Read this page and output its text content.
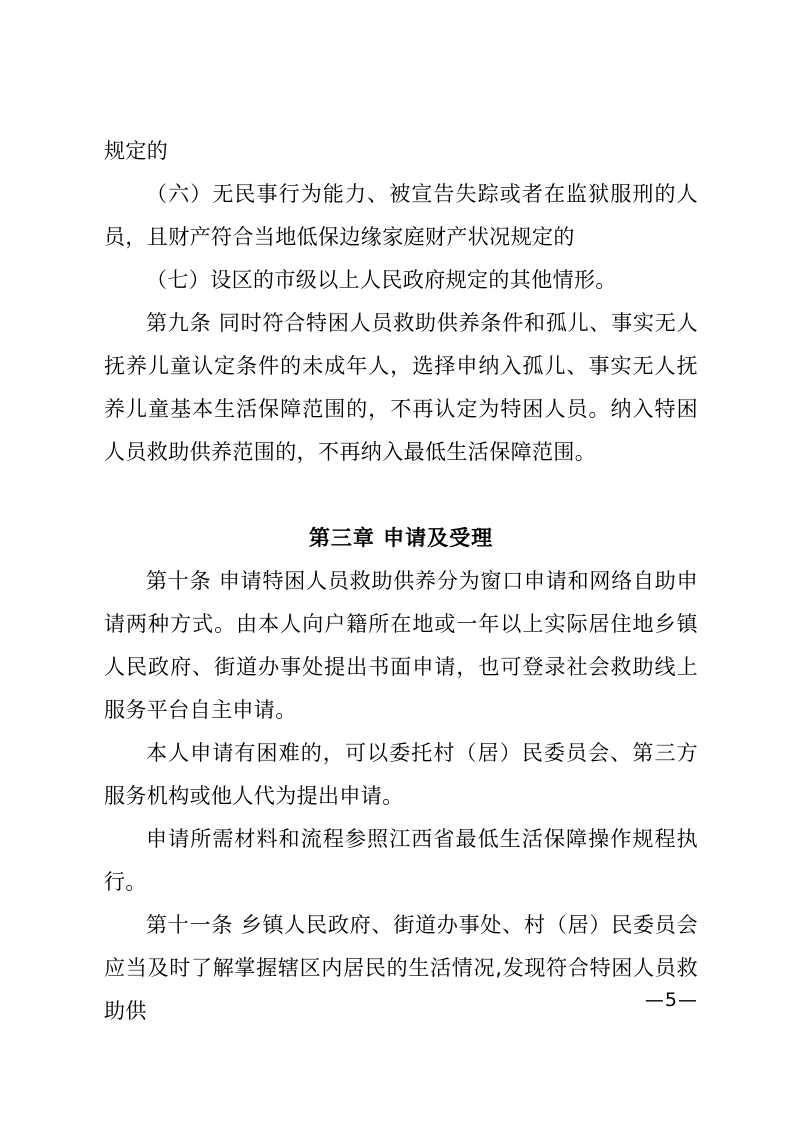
规定的

（六）无民事行为能力、被宣告失踪或者在监狱服刑的人员，且财产符合当地低保边缘家庭财产状况规定的

（七）设区的市级以上人民政府规定的其他情形。

第九条 同时符合特困人员救助供养条件和孤儿、事实无人抚养儿童认定条件的未成年人，选择申纳入孤儿、事实无人抚养儿童基本生活保障范围的，不再认定为特困人员。纳入特困人员救助供养范围的，不再纳入最低生活保障范围。

第三章 申请及受理

第十条 申请特困人员救助供养分为窗口申请和网络自助申请两种方式。由本人向户籍所在地或一年以上实际居住地乡镇人民政府、街道办事处提出书面申请，也可登录社会救助线上服务平台自主申请。

本人申请有困难的，可以委托村（居）民委员会、第三方服务机构或他人代为提出申请。

申请所需材料和流程参照江西省最低生活保障操作规程执行。

第十一条 乡镇人民政府、街道办事处、村（居）民委员会应当及时了解掌握辖区内居民的生活情况,发现符合特困人员救助供	—5—
